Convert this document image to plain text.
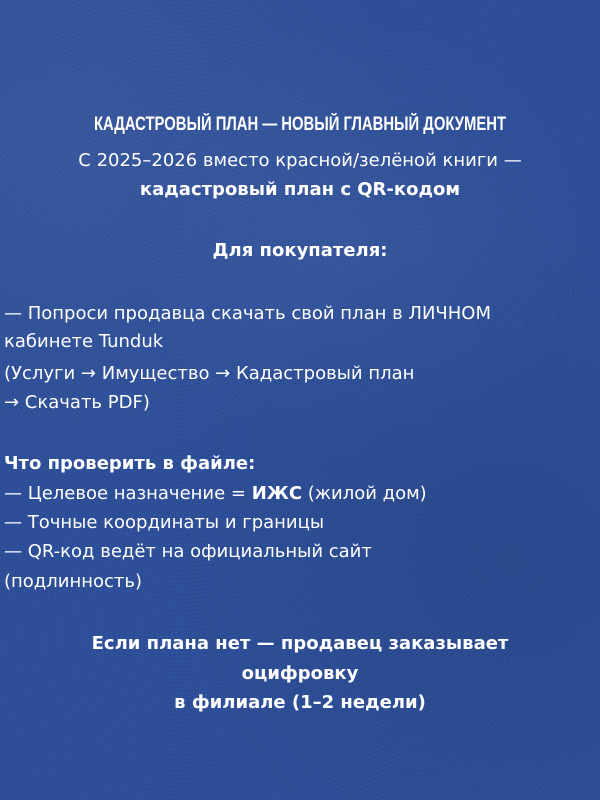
КАДАСТРОВЫЙ ПЛАН — НОВЫЙ ГЛАВНЫЙ ДОКУМЕНТ
С 2025–2026 вместо красной/зелёной книги —
кадастровый план с QR-кодом
Для покупателя:
— Попроси продавца скачать свой план в ЛИЧНОМ
кабинете Tunduk
(Услуги → Имущество → Кадастровый план
→ Скачать PDF)
Что проверить в файле:
— Целевое назначение = ИЖС (жилой дом)
— Точные координаты и границы
— QR-код ведёт на официальный сайт
(подлинность)
Если плана нет — продавец заказывает
оцифровку
в филиале (1–2 недели)
